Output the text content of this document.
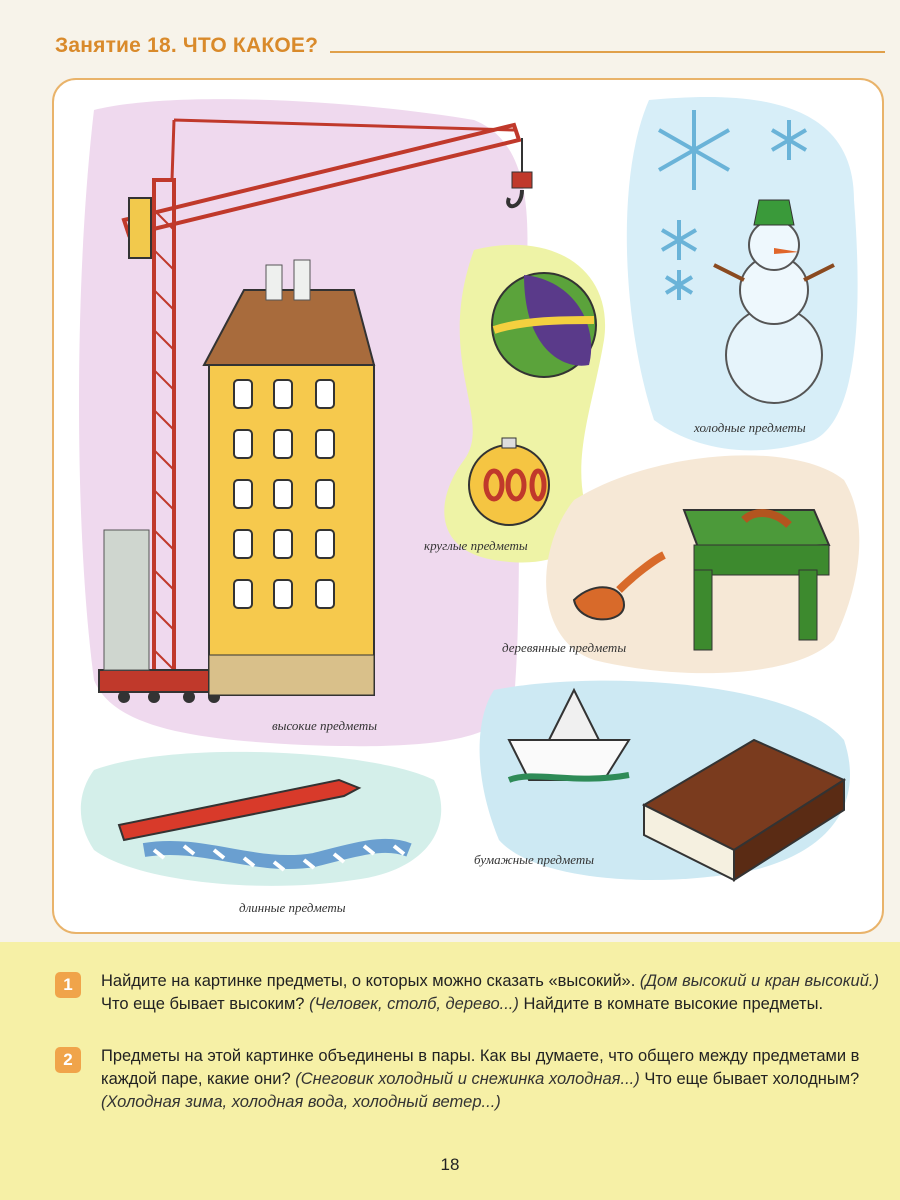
Занятие 18. ЧТО КАКОЕ?
высокие предметы
круглые предметы
холодные предметы
деревянные предметы
длинные предметы
бумажные предметы
1	Найдите на картинке предметы, о которых можно сказать «высокий». (Дом высокий и кран высокий.) Что еще бывает высоким? (Человек, столб, дерево...) Найдите в комнате высокие предметы.
2	Предметы на этой картинке объединены в пары. Как вы думаете, что общего между предметами в каждой паре, какие они? (Снеговик холодный и снежинка холодная...) Что еще бывает холодным? (Холодная зима, холодная вода, холодный ветер...)
18
